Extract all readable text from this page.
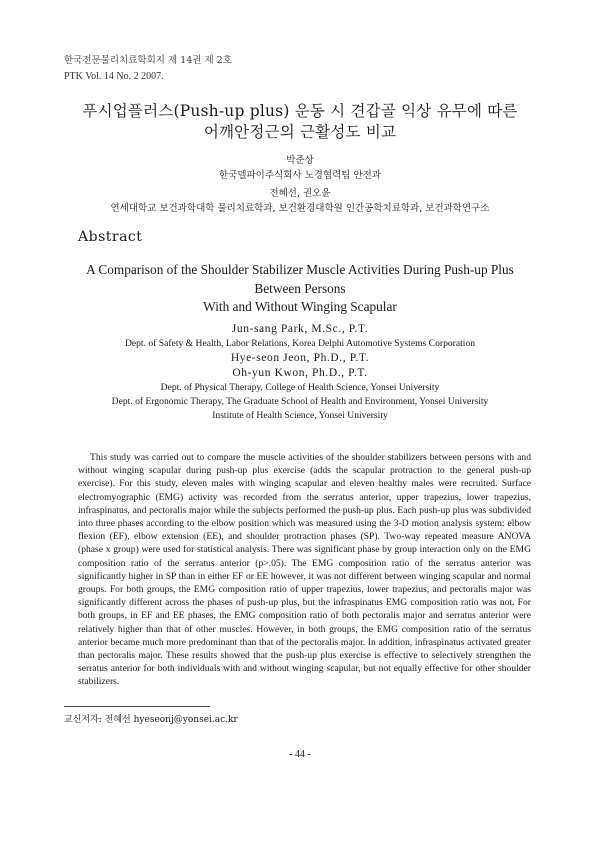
한국전문물리치료학회지 제 14권 제 2호
PTK Vol. 14 No. 2 2007.
푸시업플러스(Push-up plus) 운동 시 견갑골 익상 유무에 따른
어깨안정근의 근활성도 비교
박준상
한국델파이주식회사 노경협력팀 안전과
전혜선, 권오윤
연세대학교 보건과학대학 물리치료학과, 보건환경대학원 인간공학치료학과, 보건과학연구소
Abstract
A Comparison of the Shoulder Stabilizer Muscle Activities During Push-up Plus
Between Persons
With and Without Winging Scapular
Jun-sang Park, M.Sc., P.T.
Dept. of Safety & Health, Labor Relations, Korea Delphi Automotive Systems Corporation
Hye-seon Jeon, Ph.D., P.T.
Oh-yun Kwon, Ph.D., P.T.
Dept. of Physical Therapy, College of Health Science, Yonsei University
Dept. of Ergonomic Therapy, The Graduate School of Health and Environment, Yonsei University
Institute of Health Science, Yonsei University

This study was carried out to compare the muscle activities of the shoulder stabilizers between persons with and without winging scapular during push-up plus exercise (adds the scapular protraction to the general push-up exercise). For this study, eleven males with winging scapular and eleven healthy males were recruited. Surface electromyographic (EMG) activity was recorded from the serratus anterior, upper trapezius, lower trapezius, infraspinatus, and pectoralis major while the subjects performed the push-up plus. Each push-up plus was subdivided into three phases according to the elbow position which was measured using the 3-D motion analysis system: elbow flexion (EF), elbow extension (EE), and shoulder protraction phases (SP). Two-way repeated measure ANOVA (phase x group) were used for statistical analysis. There was significant phase by group interaction only on the EMG composition ratio of the serratus anterior (p>.05). The EMG composition ratio of the serratus anterior was significantly higher in SP than in either EF or EE however, it was not different between winging scapular and normal groups. For both groups, the EMG composition ratio of upper trapezius, lower trapezius, and pectoralis major was significantly different across the phases of push-up plus, but the infraspinatus EMG composition ratio was not. For both groups, in EF and EE phases, the EMG composition ratio of both pectoralis major and serratus anterior were relatively higher than that of other muscles. However, in both groups, the EMG composition ratio of the serratus anterior became much more predominant than that of the pectoralis major. In addition, infraspinatus activated greater than pectoralis major. These results showed that the push-up plus exercise is effective to selectively strengthen the serratus anterior for both individuals with and without winging scapular, but not equally effective for other shoulder stabilizers.

교신저자: 전혜선 hyeseonj@yonsei.ac.kr
- 44 -
